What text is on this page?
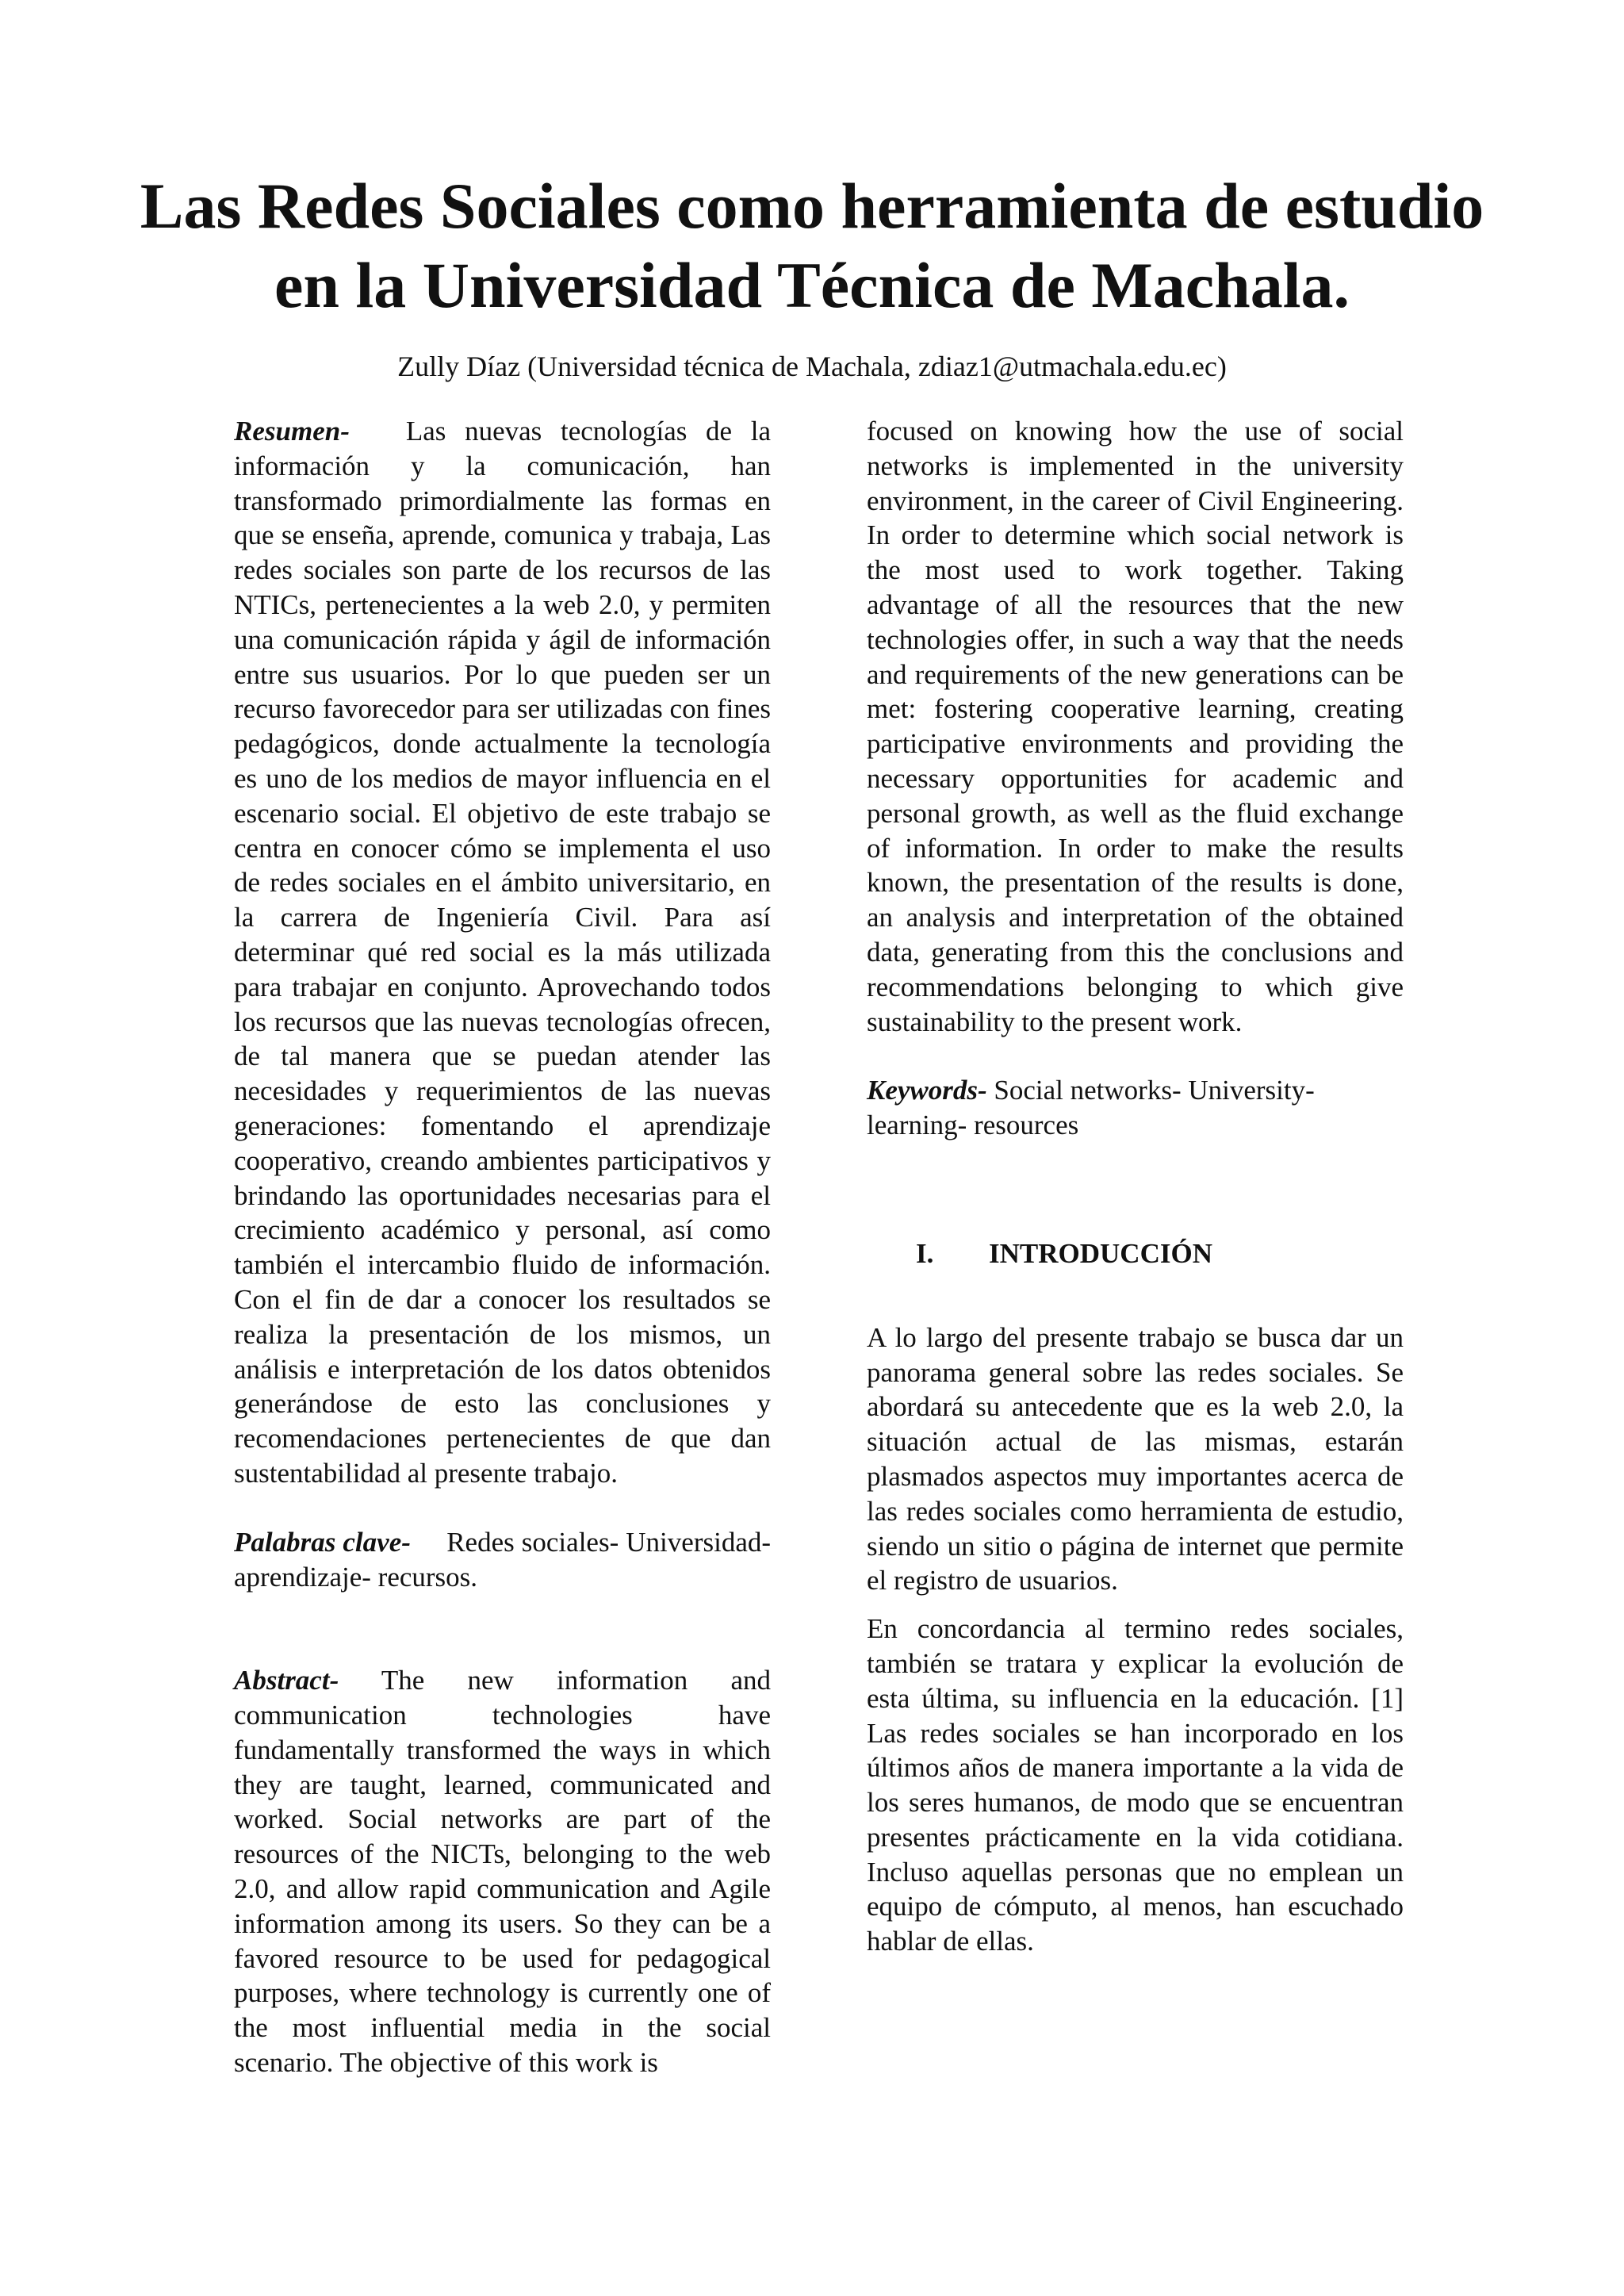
Las Redes Sociales como herramienta de estudio
en la Universidad Técnica de Machala.
Zully Díaz (Universidad técnica de Machala, zdiaz1@utmachala.edu.ec)

Resumen- Las nuevas tecnologías de la información y la comunicación, han transformado primordialmente las formas en que se enseña, aprende, comunica y trabaja, Las redes sociales son parte de los recursos de las NTICs, pertenecientes a la web 2.0, y permiten una comunicación rápida y ágil de información entre sus usuarios. Por lo que pueden ser un recurso favorecedor para ser utilizadas con fines pedagógicos, donde actualmente la tecnología es uno de los medios de mayor influencia en el escenario social. El objetivo de este trabajo se centra en conocer cómo se implementa el uso de redes sociales en el ámbito universitario, en la carrera de Ingeniería Civil. Para así determinar qué red social es la más utilizada para trabajar en conjunto. Aprovechando todos los recursos que las nuevas tecnologías ofrecen, de tal manera que se puedan atender las necesidades y requerimientos de las nuevas generaciones: fomentando el aprendizaje cooperativo, creando ambientes participativos y brindando las oportunidades necesarias para el crecimiento académico y personal, así como también el intercambio fluido de información. Con el fin de dar a conocer los resultados se realiza la presentación de los mismos, un análisis e interpretación de los datos obtenidos generándose de esto las conclusiones y recomendaciones pertenecientes de que dan sustentabilidad al presente trabajo.

Palabras clave- Redes sociales- Universidad- aprendizaje- recursos.

Abstract- The new information and communication technologies have fundamentally transformed the ways in which they are taught, learned, communicated and worked. Social networks are part of the resources of the NICTs, belonging to the web 2.0, and allow rapid communication and Agile information among its users. So they can be a favored resource to be used for pedagogical purposes, where technology is currently one of the most influential media in the social scenario. The objective of this work is

focused on knowing how the use of social networks is implemented in the university environment, in the career of Civil Engineering. In order to determine which social network is the most used to work together. Taking advantage of all the resources that the new technologies offer, in such a way that the needs and requirements of the new generations can be met: fostering cooperative learning, creating participative environments and providing the necessary opportunities for academic and personal growth, as well as the fluid exchange of information. In order to make the results known, the presentation of the results is done, an analysis and interpretation of the obtained data, generating from this the conclusions and recommendations belonging to which give sustainability to the present work.

Keywords- Social networks- University- learning- resources

I. INTRODUCCIÓN

A lo largo del presente trabajo se busca dar un panorama general sobre las redes sociales. Se abordará su antecedente que es la web 2.0, la situación actual de las mismas, estarán plasmados aspectos muy importantes acerca de las redes sociales como herramienta de estudio, siendo un sitio o página de internet que permite el registro de usuarios.

En concordancia al termino redes sociales, también se tratara y explicar la evolución de esta última, su influencia en la educación. [1] Las redes sociales se han incorporado en los últimos años de manera importante a la vida de los seres humanos, de modo que se encuentran presentes prácticamente en la vida cotidiana. Incluso aquellas personas que no emplean un equipo de cómputo, al menos, han escuchado hablar de ellas.
